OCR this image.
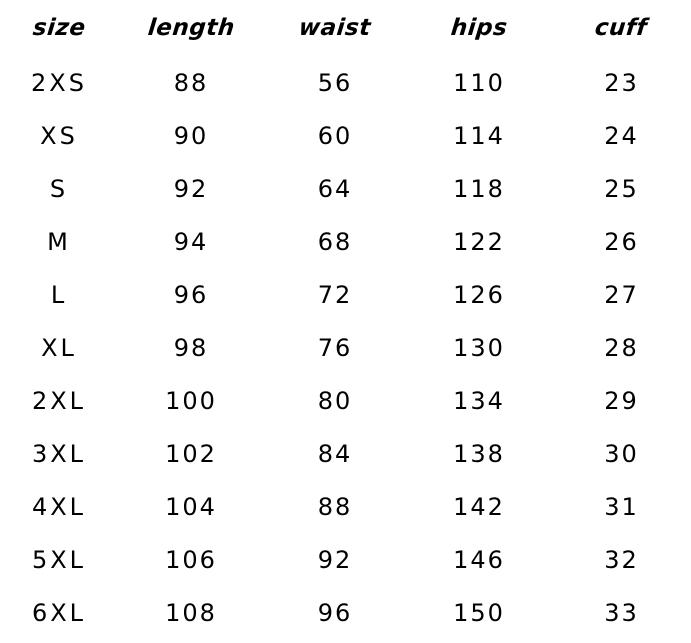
size	length	waist	hips	cuff
2XS	88	56	110	23
XS	90	60	114	24
S	92	64	118	25
M	94	68	122	26
L	96	72	126	27
XL	98	76	130	28
2XL	100	80	134	29
3XL	102	84	138	30
4XL	104	88	142	31
5XL	106	92	146	32
6XL	108	96	150	33
